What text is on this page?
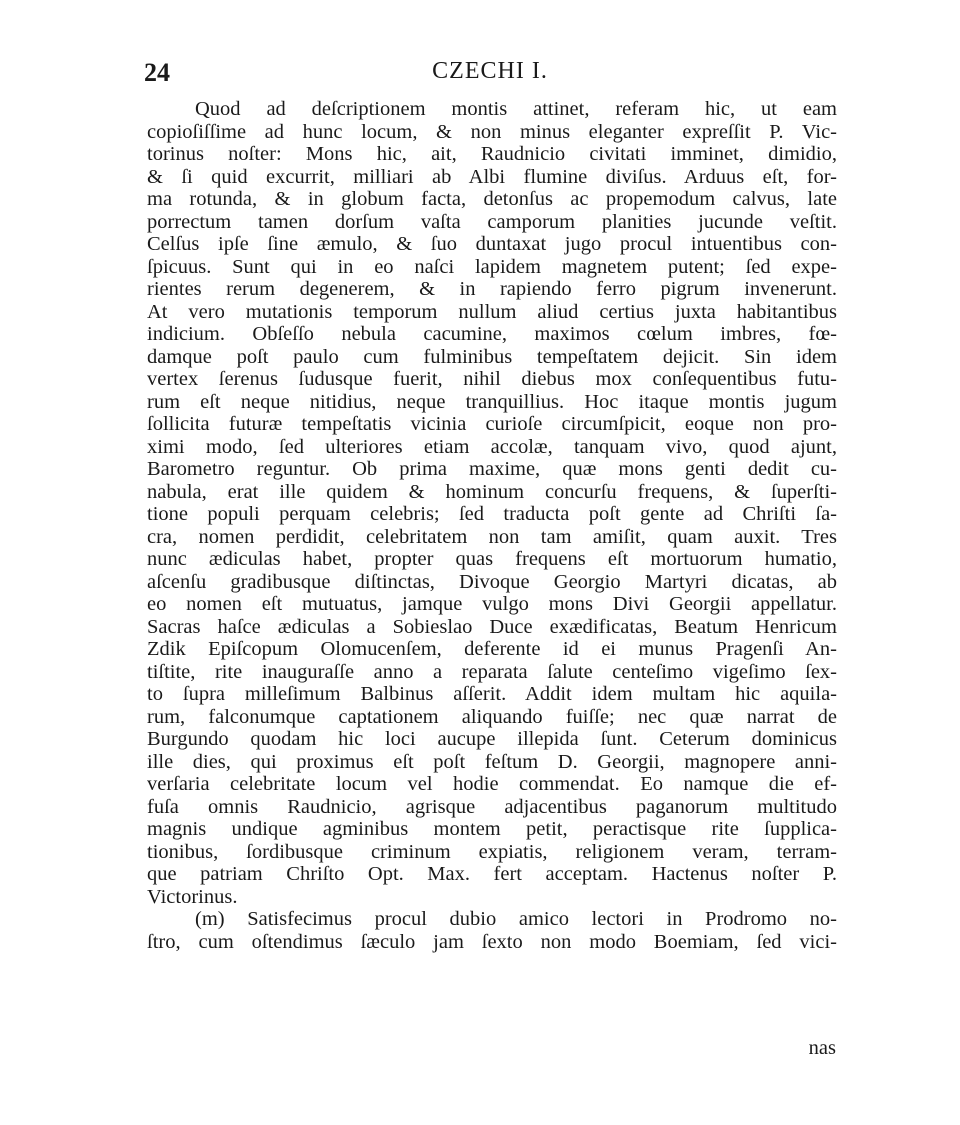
24	CZECHI I.
Quod ad deſcriptionem montis attinet, referam hic, ut eam
copioſiſſime ad hunc locum, & non minus eleganter expreſſit P. Vic-
torinus noſter: Mons hic, ait, Raudnicio civitati imminet, dimidio,
& ſi quid excurrit, milliari ab Albi flumine diviſus. Arduus eſt, for-
ma rotunda, & in globum facta, detonſus ac propemodum calvus, late
porrectum tamen dorſum vaſta camporum planities jucunde veſtit.
Celſus ipſe ſine æmulo, & ſuo duntaxat jugo procul intuentibus con-
ſpicuus. Sunt qui in eo naſci lapidem magnetem putent; ſed expe-
rientes rerum degenerem, & in rapiendo ferro pigrum invenerunt.
At vero mutationis temporum nullum aliud certius juxta habitantibus
indicium. Obſeſſo nebula cacumine, maximos cœlum imbres, fœ-
damque poſt paulo cum fulminibus tempeſtatem dejicit. Sin idem
vertex ſerenus ſudusque fuerit, nihil diebus mox conſequentibus futu-
rum eſt neque nitidius, neque tranquillius. Hoc itaque montis jugum
ſollicita futuræ tempeſtatis vicinia curioſe circumſpicit, eoque non pro-
ximi modo, ſed ulteriores etiam accolæ, tanquam vivo, quod ajunt,
Barometro reguntur. Ob prima maxime, quæ mons genti dedit cu-
nabula, erat ille quidem & hominum concurſu frequens, & ſuperſti-
tione populi perquam celebris; ſed traducta poſt gente ad Chriſti ſa-
cra, nomen perdidit, celebritatem non tam amiſit, quam auxit. Tres
nunc ædiculas habet, propter quas frequens eſt mortuorum humatio,
aſcenſu gradibusque diſtinctas, Divoque Georgio Martyri dicatas, ab
eo nomen eſt mutuatus, jamque vulgo mons Divi Georgii appellatur.
Sacras haſce ædiculas a Sobieslao Duce exædificatas, Beatum Henricum
Zdik Epiſcopum Olomucenſem, deferente id ei munus Pragenſi An-
tiſtite, rite inauguraſſe anno a reparata ſalute centeſimo vigeſimo ſex-
to ſupra milleſimum Balbinus aſſerit. Addit idem multam hic aquila-
rum, falconumque captationem aliquando fuiſſe; nec quæ narrat de
Burgundo quodam hic loci aucupe illepida ſunt. Ceterum dominicus
ille dies, qui proximus eſt poſt feſtum D. Georgii, magnopere anni-
verſaria celebritate locum vel hodie commendat. Eo namque die ef-
fuſa omnis Raudnicio, agrisque adjacentibus paganorum multitudo
magnis undique agminibus montem petit, peractisque rite ſupplica-
tionibus, ſordibusque criminum expiatis, religionem veram, terram-
que patriam Chriſto Opt. Max. fert acceptam. Hactenus noſter P.
Victorinus.
(m) Satisfecimus procul dubio amico lectori in Prodromo no-
ſtro, cum oſtendimus ſæculo jam ſexto non modo Boemiam, ſed vici-
nas
